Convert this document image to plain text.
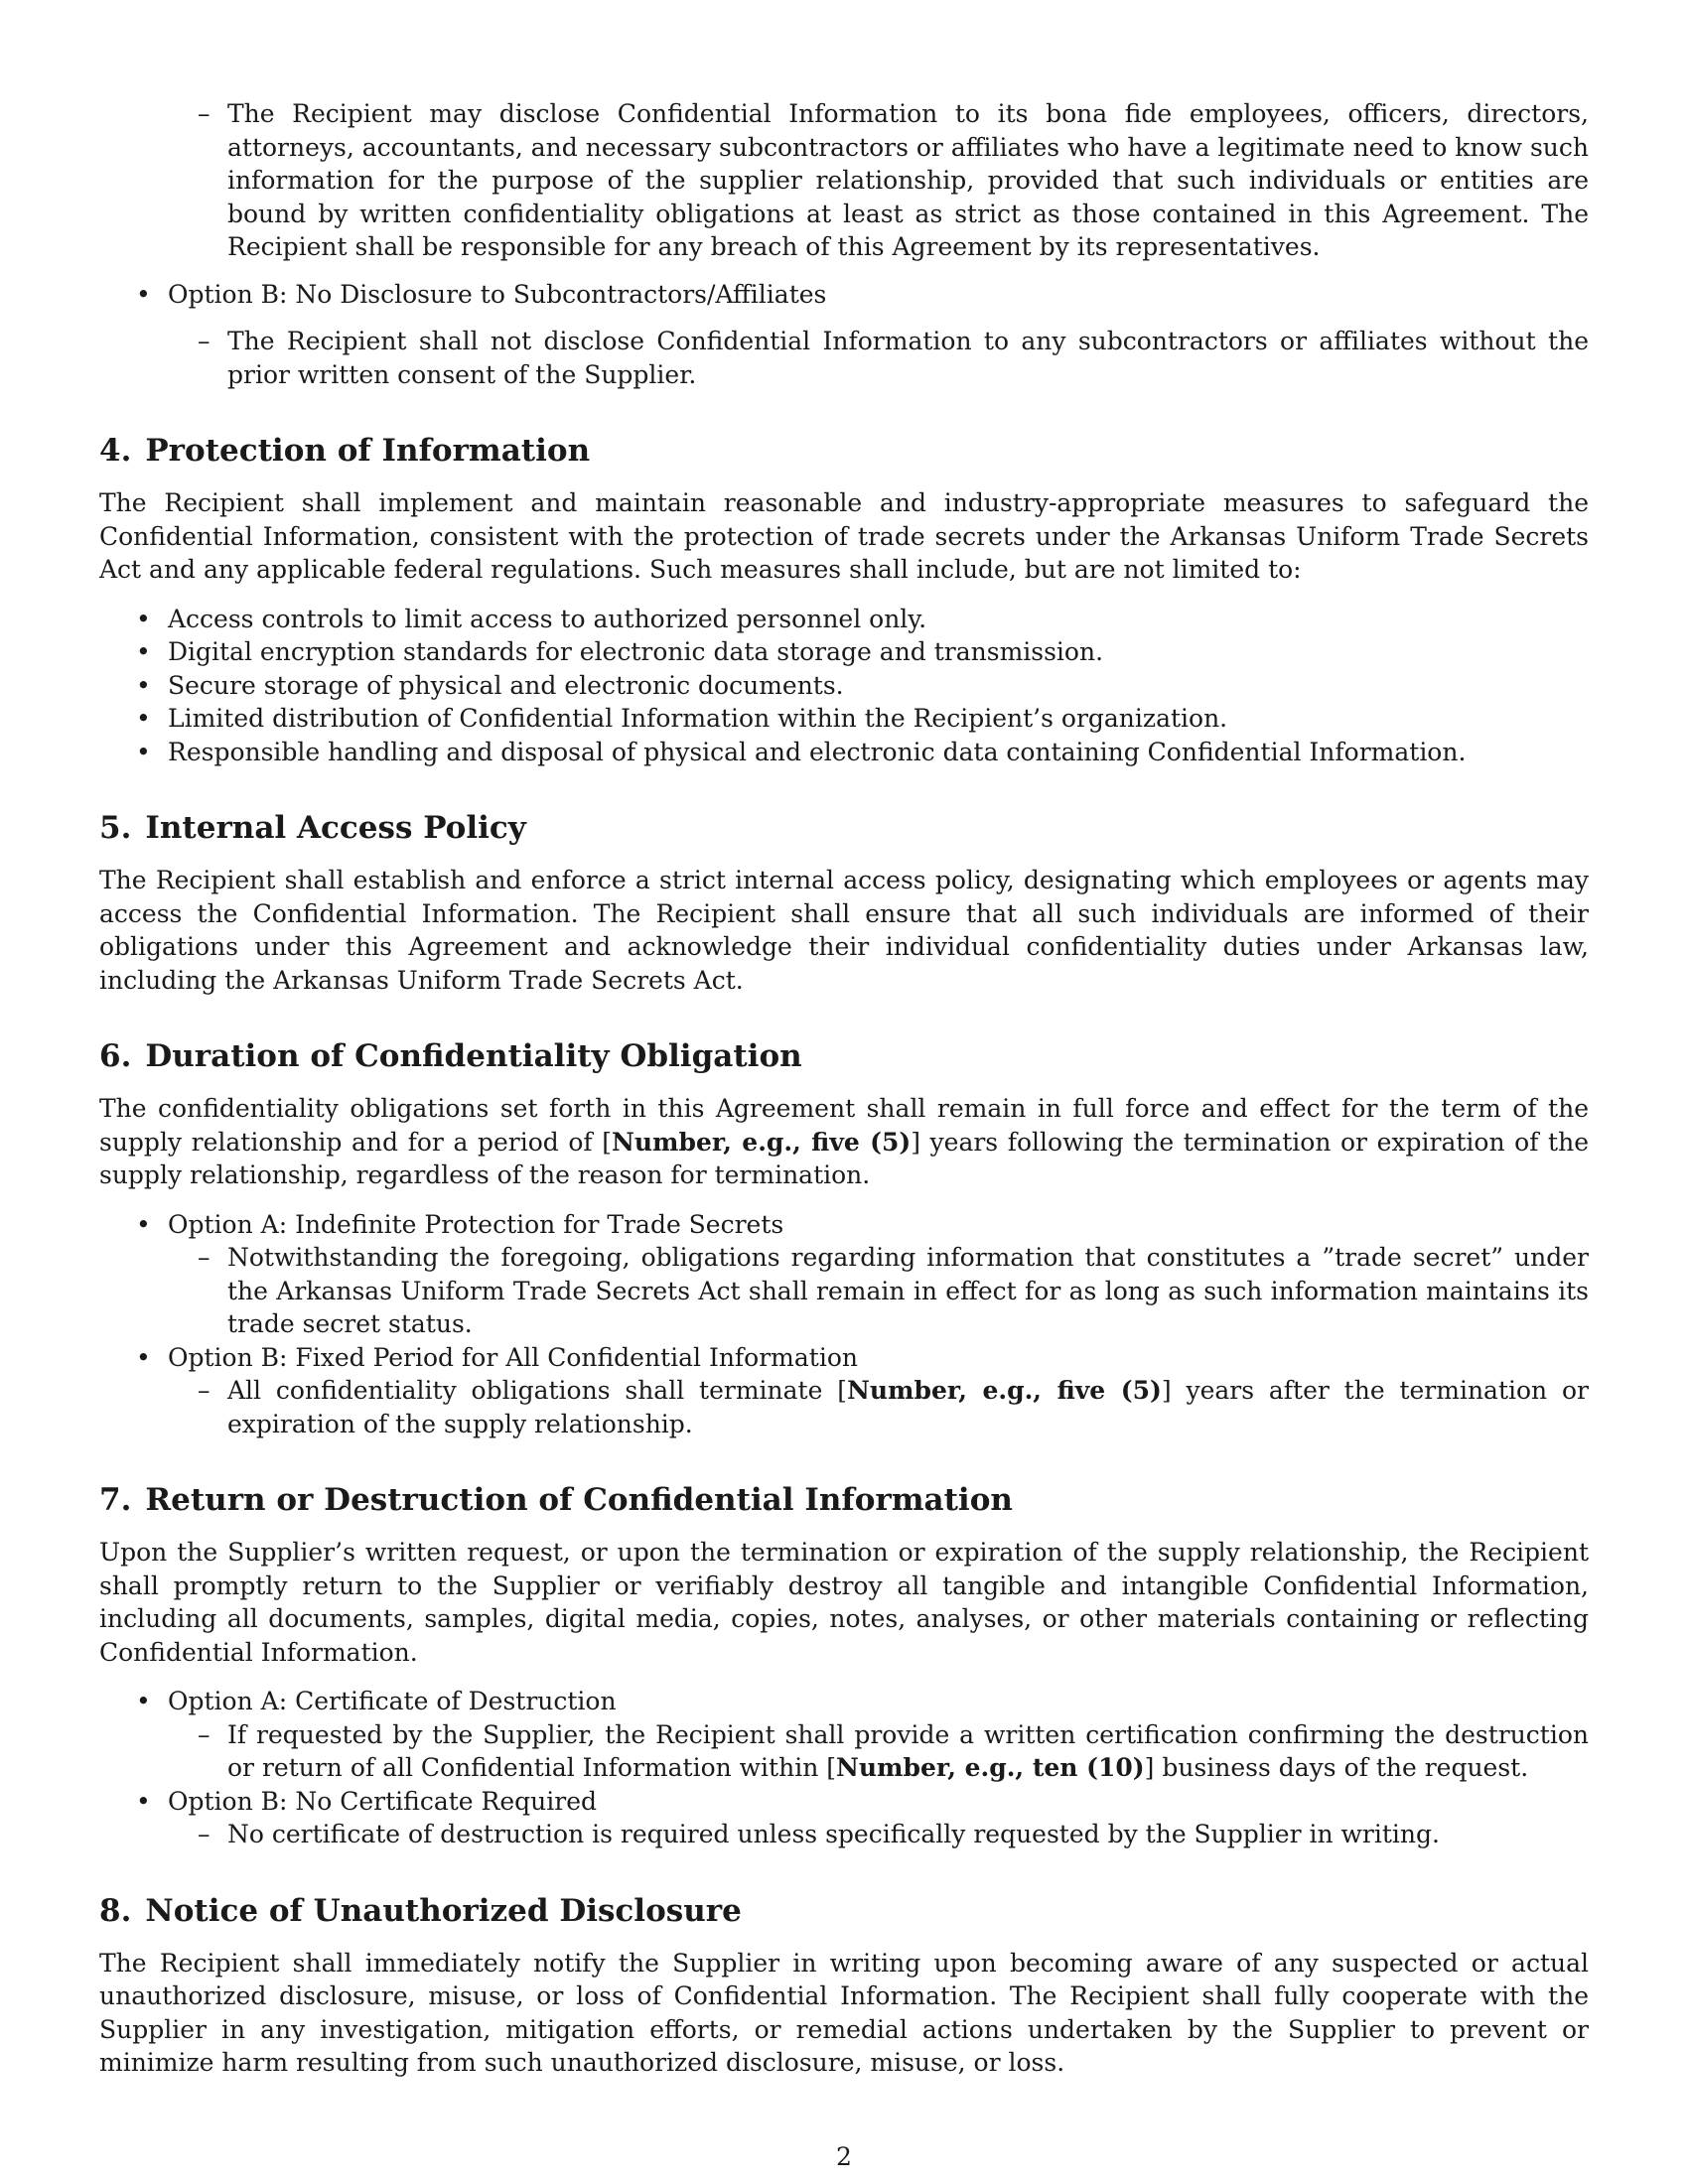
– The Recipient may disclose Confidential Information to its bona fide employees, officers, directors, attorneys, accountants, and necessary subcontractors or affiliates who have a legitimate need to know such information for the purpose of the supplier relationship, provided that such individuals or entities are bound by written confidentiality obligations at least as strict as those contained in this Agreement. The Recipient shall be responsible for any breach of this Agreement by its representatives.
• Option B: No Disclosure to Subcontractors/Affiliates
– The Recipient shall not disclose Confidential Information to any subcontractors or affiliates without the prior written consent of the Supplier.
4. Protection of Information

The Recipient shall implement and maintain reasonable and industry-appropriate measures to safeguard the Confidential Information, consistent with the protection of trade secrets under the Arkansas Uniform Trade Secrets Act and any applicable federal regulations. Such measures shall include, but are not limited to:

• Access controls to limit access to authorized personnel only.
• Digital encryption standards for electronic data storage and transmission.
• Secure storage of physical and electronic documents.
• Limited distribution of Confidential Information within the Recipient’s organization.
• Responsible handling and disposal of physical and electronic data containing Confidential Information.
5. Internal Access Policy

The Recipient shall establish and enforce a strict internal access policy, designating which employees or agents may access the Confidential Information. The Recipient shall ensure that all such individuals are informed of their obligations under this Agreement and acknowledge their individual confidentiality duties under Arkansas law, including the Arkansas Uniform Trade Secrets Act.

6. Duration of Confidentiality Obligation

The confidentiality obligations set forth in this Agreement shall remain in full force and effect for the term of the supply relationship and for a period of [Number, e.g., five (5)] years following the termination or expiration of the supply relationship, regardless of the reason for termination.

• Option A: Indefinite Protection for Trade Secrets
– Notwithstanding the foregoing, obligations regarding information that constitutes a ”trade secret” under the Arkansas Uniform Trade Secrets Act shall remain in effect for as long as such information maintains its trade secret status.
• Option B: Fixed Period for All Confidential Information
– All confidentiality obligations shall terminate [Number, e.g., five (5)] years after the termination or expiration of the supply relationship.
7. Return or Destruction of Confidential Information

Upon the Supplier’s written request, or upon the termination or expiration of the supply relationship, the Recipient shall promptly return to the Supplier or verifiably destroy all tangible and intangible Confidential Information, including all documents, samples, digital media, copies, notes, analyses, or other materials containing or reflecting Confidential Information.

• Option A: Certificate of Destruction
– If requested by the Supplier, the Recipient shall provide a written certification confirming the destruction or return of all Confidential Information within [Number, e.g., ten (10)] business days of the request.
• Option B: No Certificate Required
– No certificate of destruction is required unless specifically requested by the Supplier in writing.
8. Notice of Unauthorized Disclosure

The Recipient shall immediately notify the Supplier in writing upon becoming aware of any suspected or actual unauthorized disclosure, misuse, or loss of Confidential Information. The Recipient shall fully cooperate with the Supplier in any investigation, mitigation efforts, or remedial actions undertaken by the Supplier to prevent or minimize harm resulting from such unauthorized disclosure, misuse, or loss.

2
